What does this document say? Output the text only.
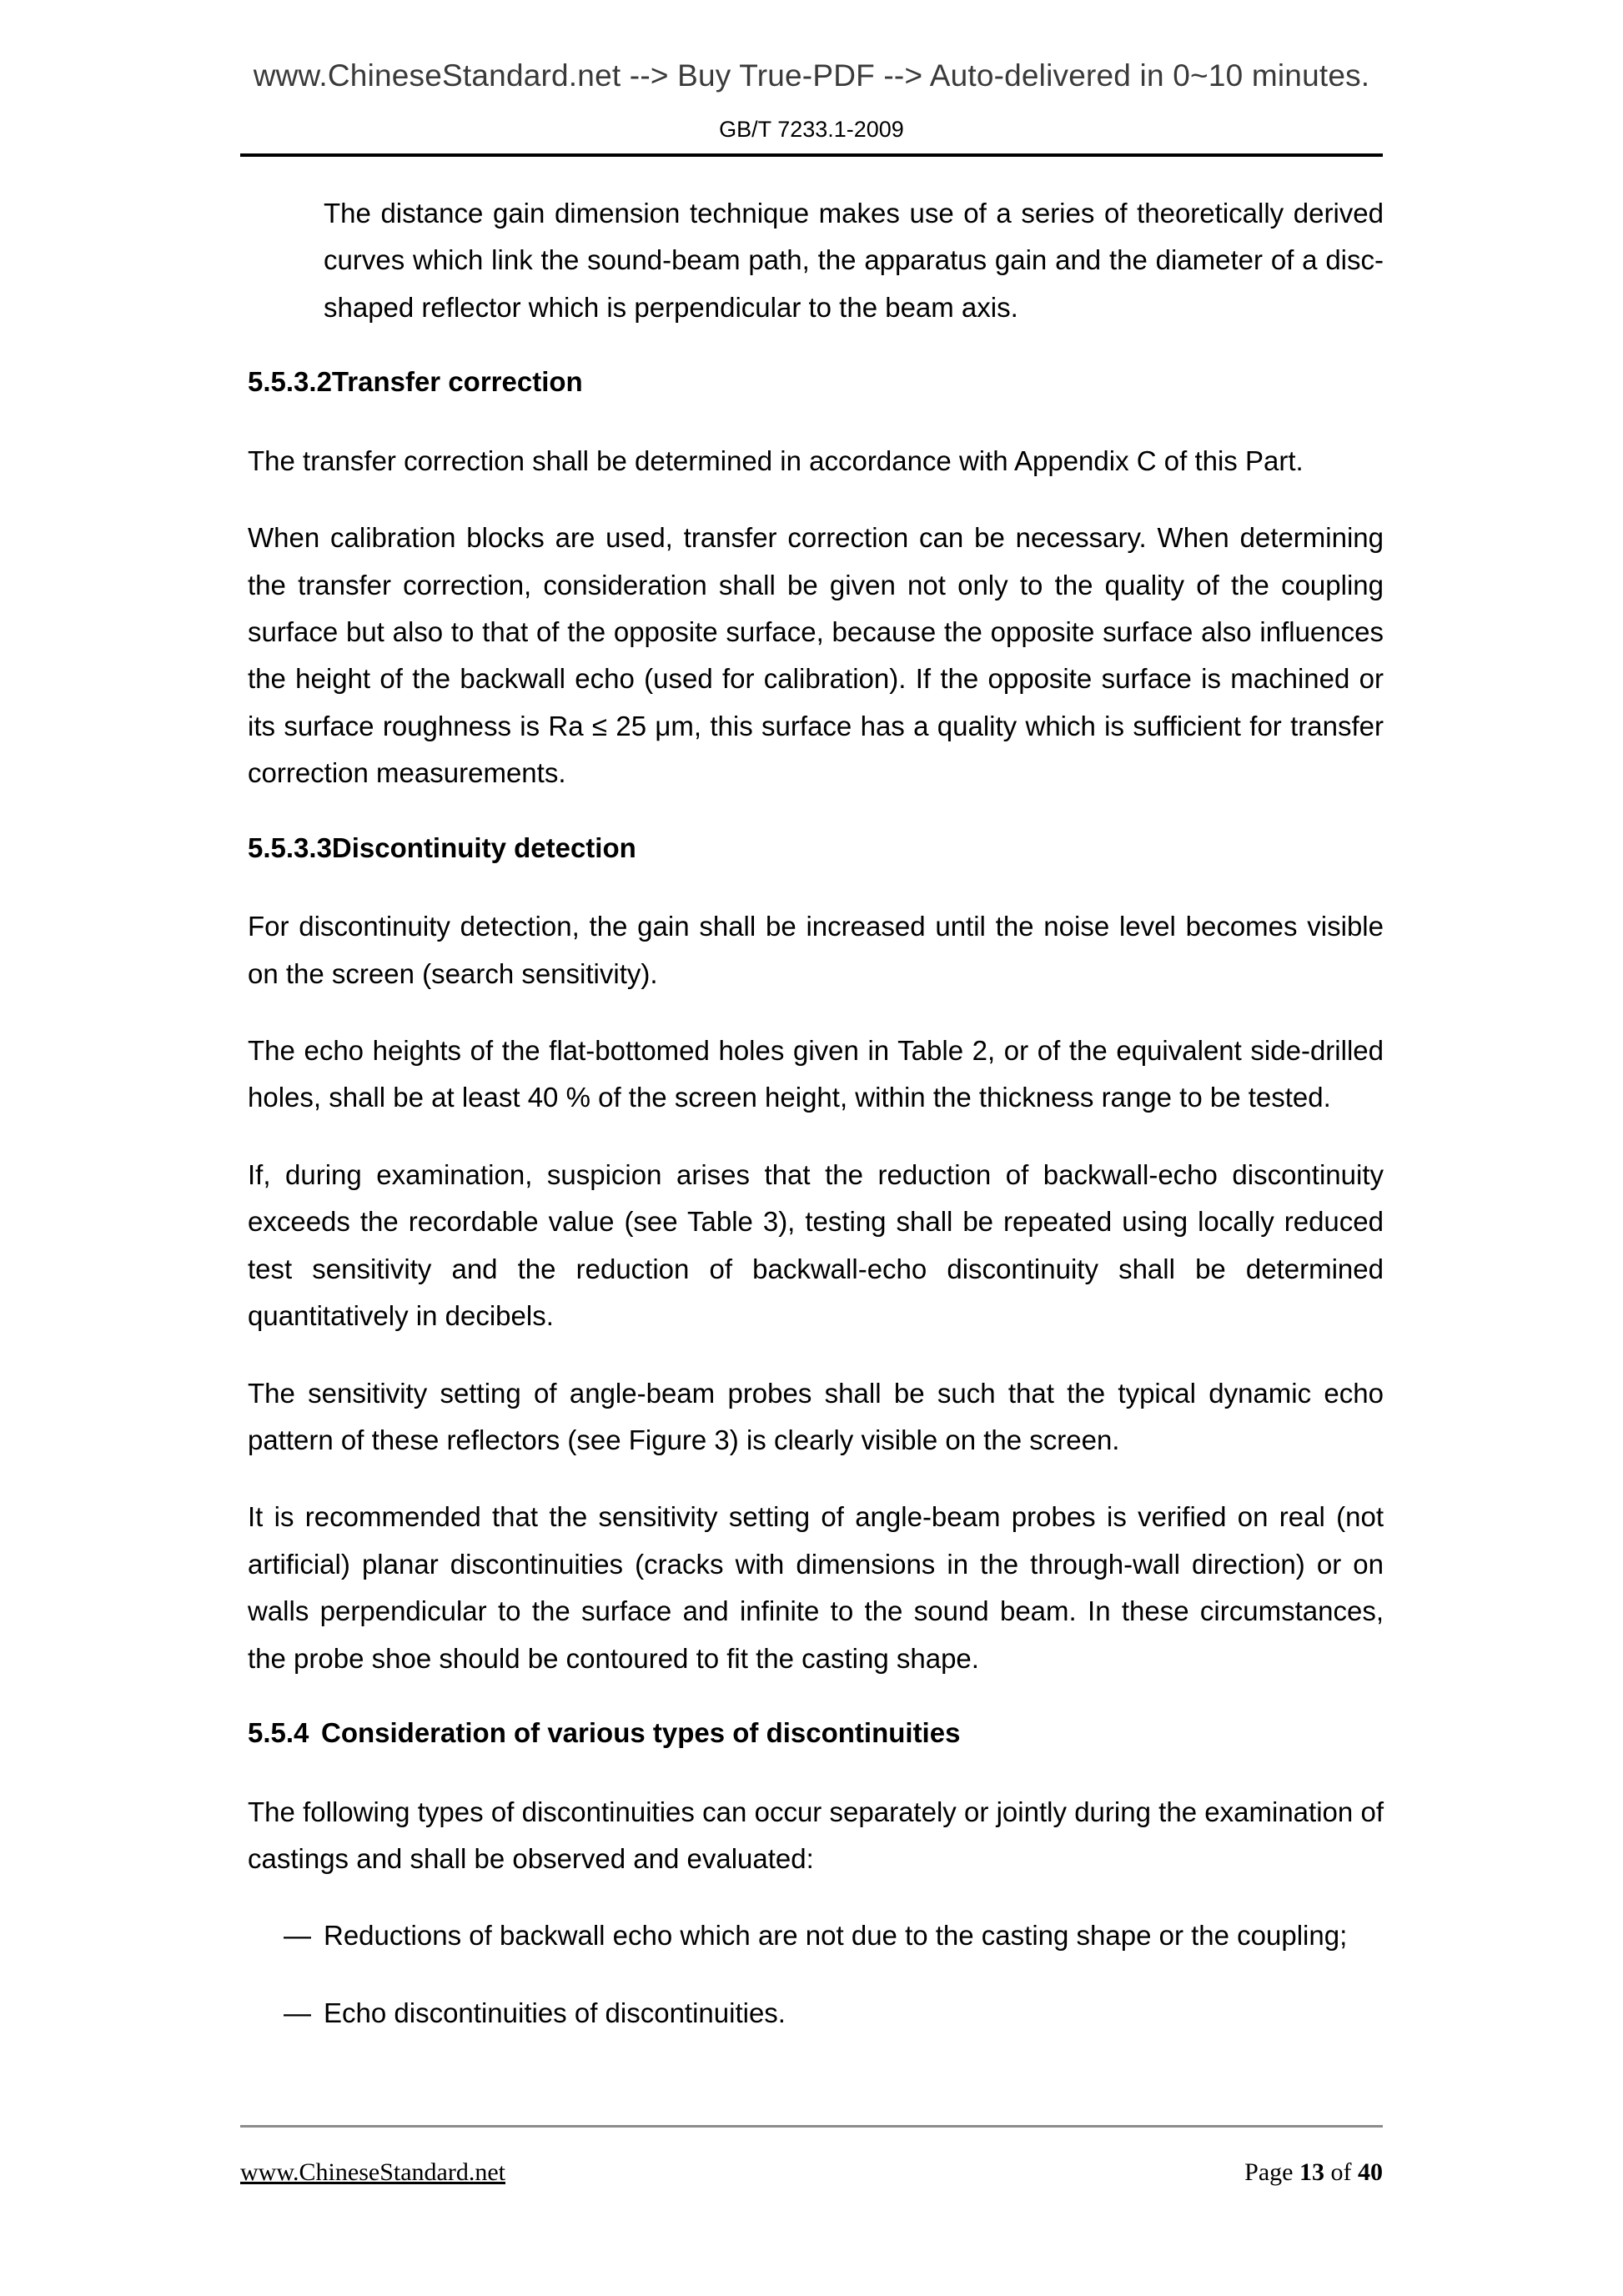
www.ChineseStandard.net --> Buy True-PDF --> Auto-delivered in 0~10 minutes.
GB/T 7233.1-2009

The distance gain dimension technique makes use of a series of theoretically derived curves which link the sound-beam path, the apparatus gain and the diameter of a disc-shaped reflector which is perpendicular to the beam axis.

5.5.3.2Transfer correction

The transfer correction shall be determined in accordance with Appendix C of this Part.

When calibration blocks are used, transfer correction can be necessary. When determining the transfer correction, consideration shall be given not only to the quality of the coupling surface but also to that of the opposite surface, because the opposite surface also influences the height of the backwall echo (used for calibration). If the opposite surface is machined or its surface roughness is Ra ≤ 25 μm, this surface has a quality which is sufficient for transfer correction measurements.

5.5.3.3Discontinuity detection

For discontinuity detection, the gain shall be increased until the noise level becomes visible on the screen (search sensitivity).

The echo heights of the flat-bottomed holes given in Table 2, or of the equivalent side-drilled holes, shall be at least 40 % of the screen height, within the thickness range to be tested.

If, during examination, suspicion arises that the reduction of backwall-echo discontinuity exceeds the recordable value (see Table 3), testing shall be repeated using locally reduced test sensitivity and the reduction of backwall-echo discontinuity shall be determined quantitatively in decibels.

The sensitivity setting of angle-beam probes shall be such that the typical dynamic echo pattern of these reflectors (see Figure 3) is clearly visible on the screen.

It is recommended that the sensitivity setting of angle-beam probes is verified on real (not artificial) planar discontinuities (cracks with dimensions in the through-wall direction) or on walls perpendicular to the surface and infinite to the sound beam. In these circumstances, the probe shoe should be contoured to fit the casting shape.

5.5.4 Consideration of various types of discontinuities

The following types of discontinuities can occur separately or jointly during the examination of castings and shall be observed and evaluated:

— Reductions of backwall echo which are not due to the casting shape or the coupling;
— Echo discontinuities of discontinuities.
www.ChineseStandard.net	Page 13 of 40
